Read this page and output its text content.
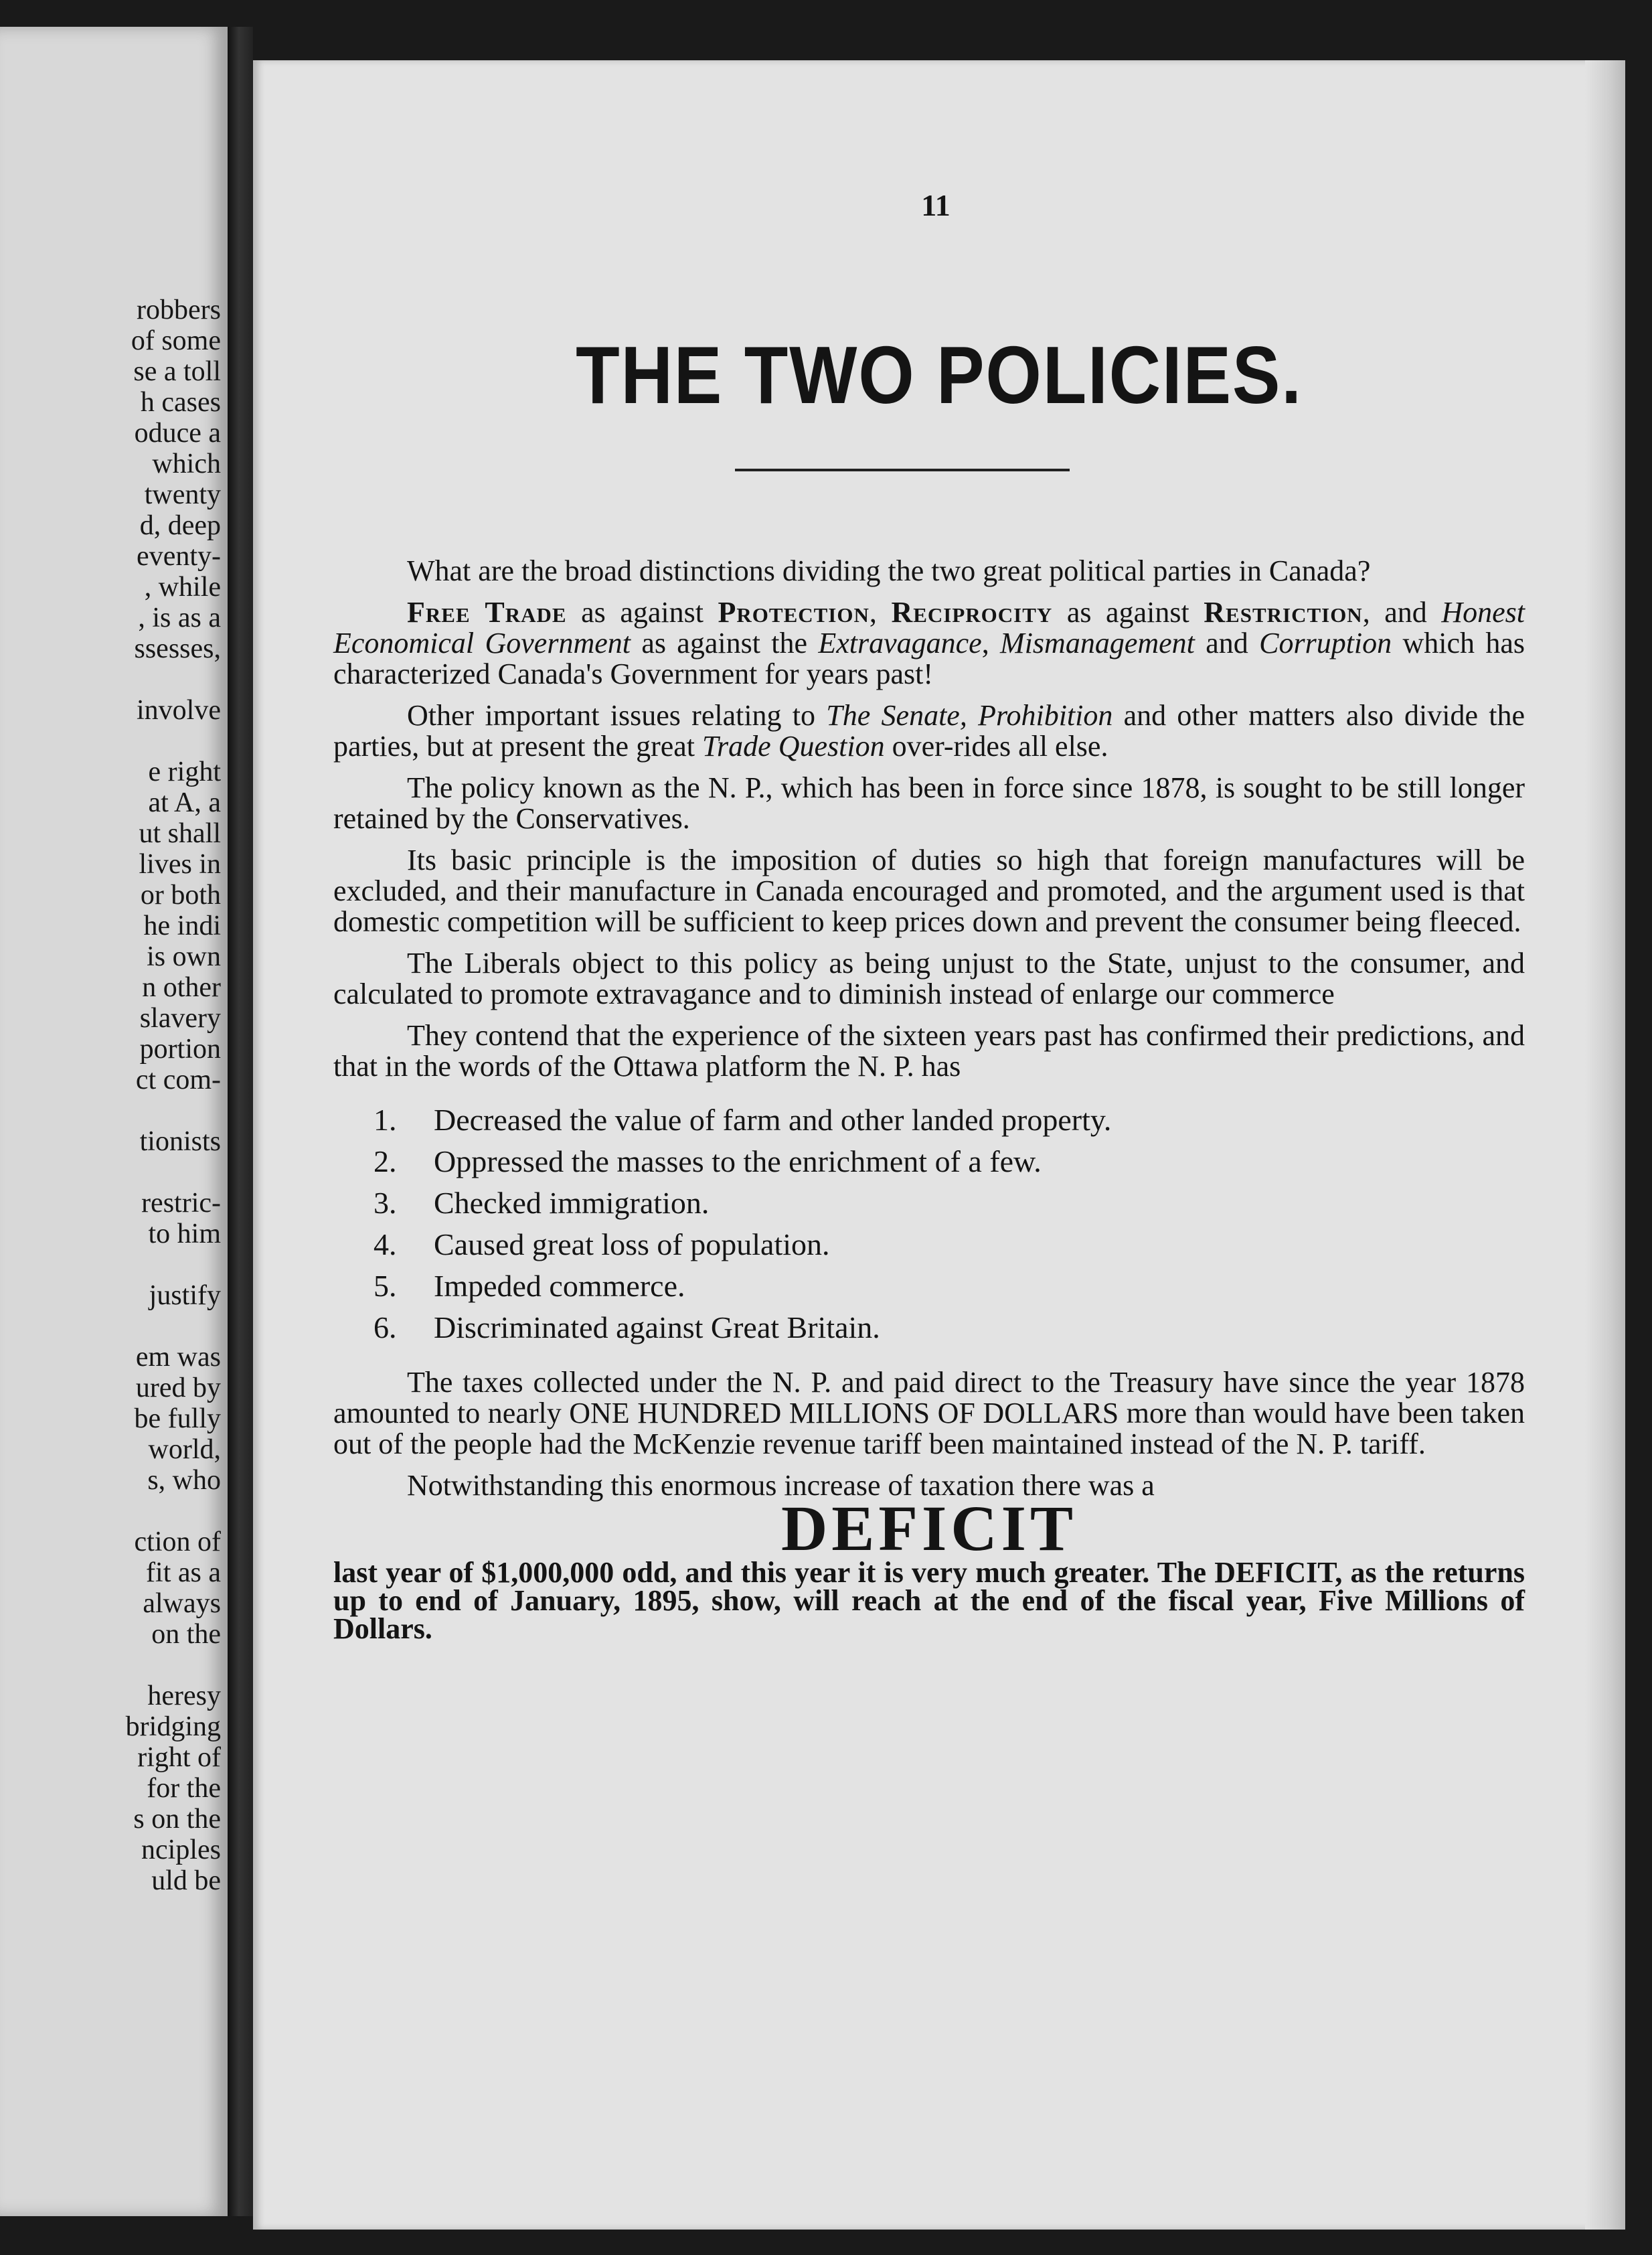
robbers
of some
se a toll
h cases
oduce a
which
twenty
d, deep
eventy-
, while
, is as a
ssesses,
involve
e right
at A, a
ut shall
lives in
or both
he indi
is own
n other
slavery
portion
ct com-
tionists
restric-
to him
justify
em was
ured by
be fully
world,
s, who
ction of
fit as a
always
on the
heresy
bridging
right of
for the
s on the
nciples
uld be
11
THE TWO POLICIES.

What are the broad distinctions dividing the two great political parties in Canada?

Free Trade as against Protection, Reciprocity as against Restriction, and Honest Economical Government as against the Extravagance, Mismanagement and Corruption which has characterized Canada's Government for years past!

Other important issues relating to The Senate, Prohibition and other matters also divide the parties, but at present the great Trade Question over-rides all else.

The policy known as the N. P., which has been in force since 1878, is sought to be still longer retained by the Conservatives.

Its basic principle is the imposition of duties so high that foreign manufactures will be excluded, and their manufacture in Canada encouraged and promoted, and the argument used is that domestic competition will be sufficient to keep prices down and prevent the consumer being fleeced.

The Liberals object to this policy as being unjust to the State, unjust to the consumer, and calculated to promote extravagance and to diminish instead of enlarge our commerce

They contend that the experience of the sixteen years past has confirmed their predictions, and that in the words of the Ottawa platform the N. P. has

1.	Decreased the value of farm and other landed property.
2.	Oppressed the masses to the enrichment of a few.
3.	Checked immigration.
4.	Caused great loss of population.
5.	Impeded commerce.
6.	Discriminated against Great Britain.

The taxes collected under the N. P. and paid direct to the Treasury have since the year 1878 amounted to nearly ONE HUNDRED MILLIONS OF DOLLARS more than would have been taken out of the people had the McKenzie revenue tariff been maintained instead of the N. P. tariff.

Notwithstanding this enormous increase of taxation there was a

DEFICIT

last year of $1,000,000 odd, and this year it is very much greater. The DEFICIT, as the returns up to end of January, 1895, show, will reach at the end of the fiscal year, Five Millions of Dollars.
